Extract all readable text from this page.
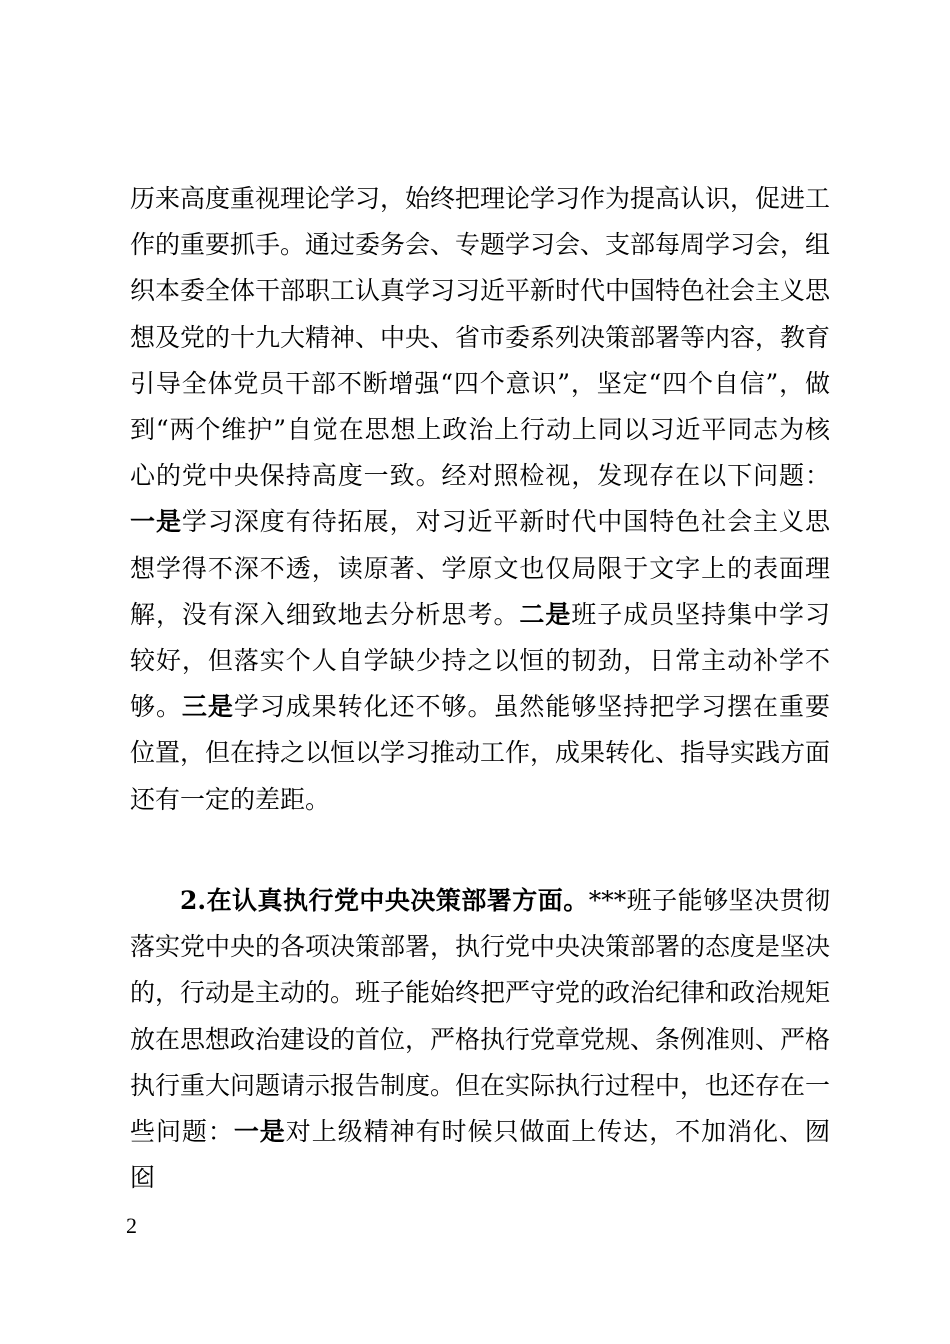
历来高度重视理论学习，始终把理论学习作为提高认识，促进工作的重要抓手。通过委务会、专题学习会、支部每周学习会，组织本委全体干部职工认真学习习近平新时代中国特色社会主义思想及党的十九大精神、中央、省市委系列决策部署等内容，教育引导全体党员干部不断增强“四个意识”，坚定“四个自信”，做到“两个维护”自觉在思想上政治上行动上同以习近平同志为核心的党中央保持高度一致。经对照检视，发现存在以下问题：一是学习深度有待拓展，对习近平新时代中国特色社会主义思想学得不深不透，读原著、学原文也仅局限于文字上的表面理解，没有深入细致地去分析思考。二是班子成员坚持集中学习较好，但落实个人自学缺少持之以恒的韧劲，日常主动补学不够。三是学习成果转化还不够。虽然能够坚持把学习摆在重要位置，但在持之以恒以学习推动工作，成果转化、指导实践方面还有一定的差距。

2.在认真执行党中央决策部署方面。***班子能够坚决贯彻落实党中央的各项决策部署，执行党中央决策部署的态度是坚决的，行动是主动的。班子能始终把严守党的政治纪律和政治规矩放在思想政治建设的首位，严格执行党章党规、条例准则、严格执行重大问题请示报告制度。但在实际执行过程中，也还存在一些问题：一是对上级精神有时候只做面上传达，不加消化、囫囵

2
